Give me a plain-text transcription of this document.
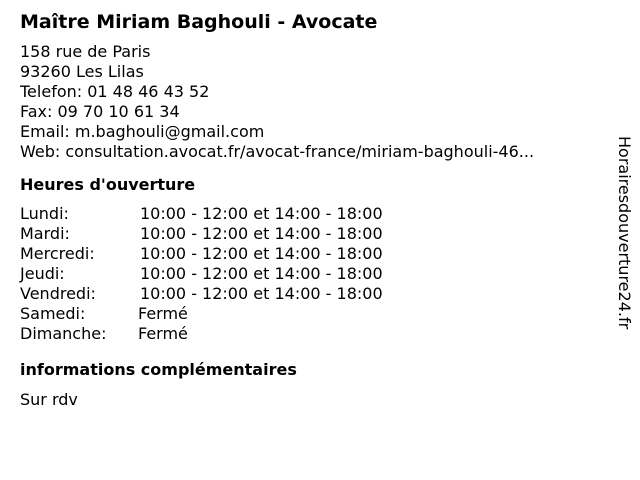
Maître Miriam Baghouli - Avocate
158 rue de Paris
93260 Les Lilas
Telefon: 01 48 46 43 52
Fax: 09 70 10 61 34
Email: m.baghouli@gmail.com
Web: consultation.avocat.fr/avocat-france/miriam-baghouli-46...
Heures d'ouverture
Lundi:	10:00 - 12:00 et 14:00 - 18:00
Mardi:	10:00 - 12:00 et 14:00 - 18:00
Mercredi:	10:00 - 12:00 et 14:00 - 18:00
Jeudi:	10:00 - 12:00 et 14:00 - 18:00
Vendredi:	10:00 - 12:00 et 14:00 - 18:00
Samedi:	Fermé
Dimanche:	Fermé
informations complémentaires
Sur rdv
Horairesdouverture24.fr
